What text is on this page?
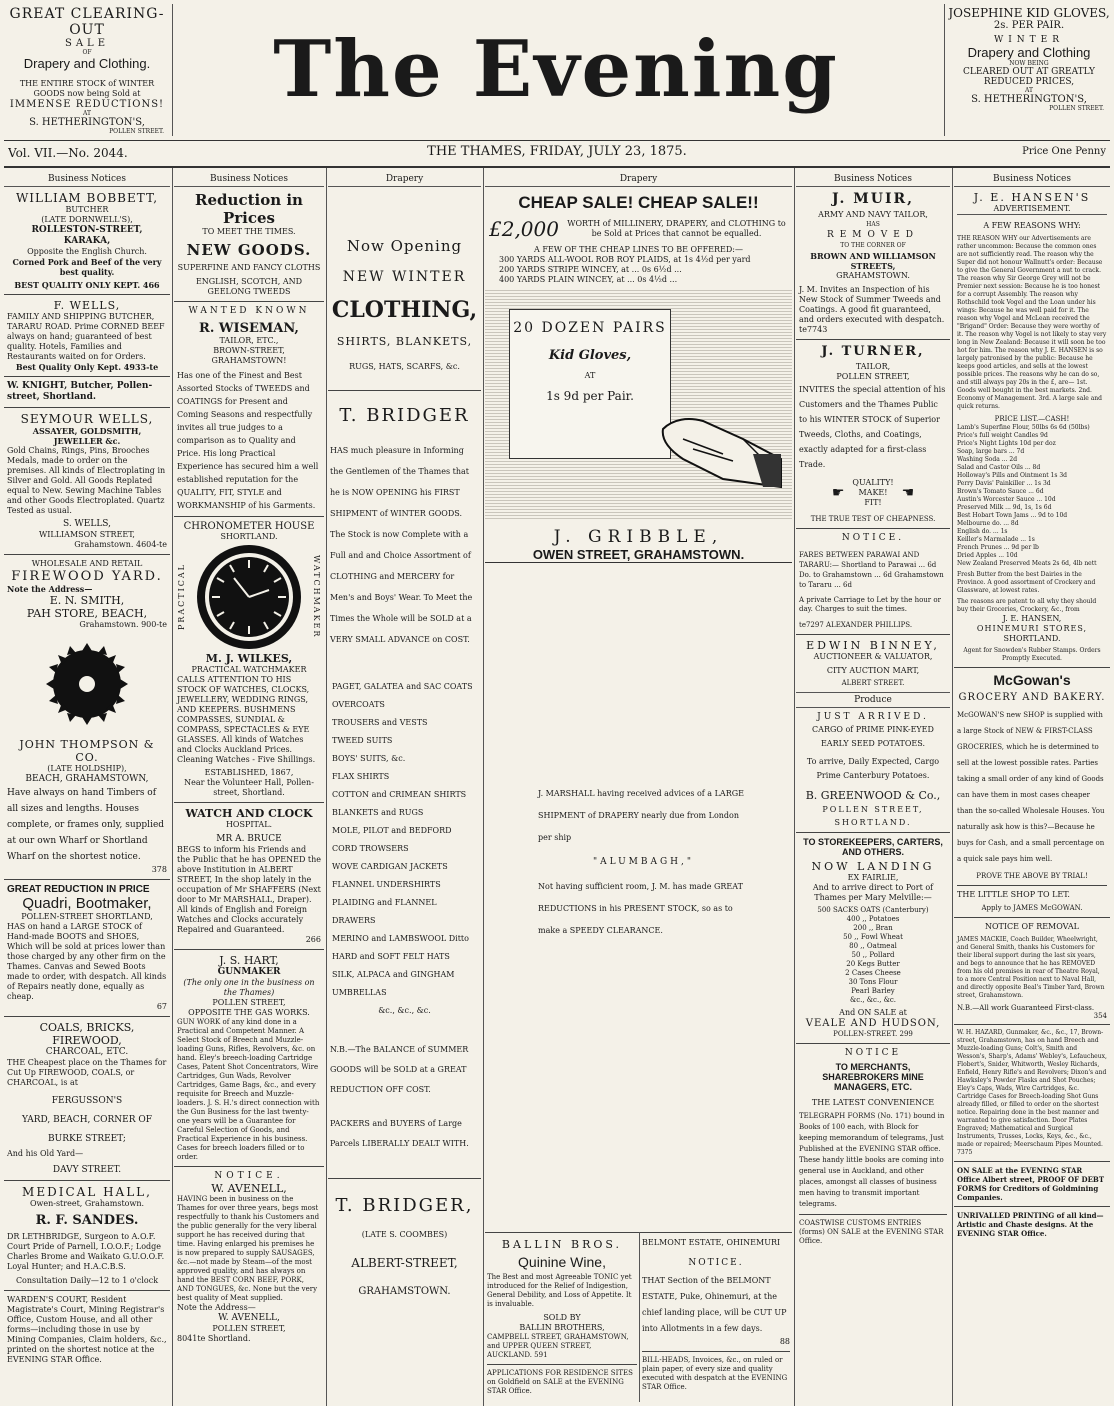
GREAT CLEARING-OUT
SALE
OF
Drapery and Clothing.
THE ENTIRE STOCK of WINTER GOODS now being Sold at
IMMENSE REDUCTIONS!
AT
S. HETHERINGTON'S,
POLLEN STREET.
The Evening
JOSEPHINE KID GLOVES,
2s. PER PAIR.
WINTER
Drapery and Clothing
NOW BEING
CLEARED OUT AT GREATLY REDUCED PRICES,
AT
S. HETHERINGTON'S,
POLLEN STREET.
Vol. VII.—No. 2044.	THE THAMES, FRIDAY, JULY 23, 1875.	Price One Penny
Business Notices
WILLIAM BOBBETT,
BUTCHER
(LATE DORNWELL'S),
ROLLESTON-STREET, KARAKA,
Opposite the English Church.
Corned Pork and Beef of the very best quality.
BEST QUALITY ONLY KEPT. 466
F. WELLS,
FAMILY AND SHIPPING BUTCHER, TARARU ROAD. Prime CORNED BEEF always on hand; guaranteed of best quality. Hotels, Families and Restaurants waited on for Orders.
Best Quality Only Kept. 4933-te
W. KNIGHT, Butcher, Pollen-street, Shortland.
SEYMOUR WELLS,
ASSAYER, GOLDSMITH, JEWELLER &c.
Gold Chains, Rings, Pins, Brooches Medals, made to order on the premises. All kinds of Electroplating in Silver and Gold. All Goods Replated equal to New. Sewing Machine Tables and other Goods Electroplated. Quartz Tested as usual.
S. WELLS,
WILLIAMSON STREET,
Grahamstown. 4604-te
WHOLESALE AND RETAIL
FIREWOOD YARD.
Note the Address—
E. N. SMITH,
PAH STORE, BEACH,
Grahamstown. 900-te
JOHN THOMPSON & CO.
(LATE HOLDSHIP),
BEACH, GRAHAMSTOWN,
Have always on hand Timbers of all sizes and lengths. Houses complete, or frames only, supplied at our own Wharf or Shortland Wharf on the shortest notice.
378
GREAT REDUCTION IN PRICE
Quadri, Bootmaker,
POLLEN-STREET SHORTLAND,
HAS on hand a LARGE STOCK of Hand-made BOOTS and SHOES, Which will be sold at prices lower than those charged by any other firm on the Thames. Canvas and Sewed Boots made to order, with despatch. All kinds of Repairs neatly done, equally as cheap.
67
COALS, BRICKS, FIREWOOD,
CHARCOAL, ETC.
THE Cheapest place on the Thames for Cut Up FIREWOOD, COALS, or CHARCOAL, is at
FERGUSSON'S
YARD, BEACH, CORNER OF
BURKE STREET;
And his Old Yard—
DAVY STREET.
MEDICAL HALL,
Owen-street, Grahamstown.
R. F. SANDES.
DR LETHBRIDGE, Surgeon to A.O.F. Court Pride of Parnell, I.O.O.F.; Lodge Charles Brome and Waikato G.U.O.O.F. Loyal Hunter; and H.A.C.B.S.
Consultation Daily—12 to 1 o'clock
WARDEN'S COURT, Resident Magistrate's Court, Mining Registrar's Office, Custom House, and all other forms—including those in use by Mining Companies, Claim holders, &c., printed on the shortest notice at the EVENING STAR Office.
Business Notices
Reduction in Prices
TO MEET THE TIMES.
NEW GOODS.
SUPERFINE AND FANCY CLOTHS
ENGLISH, SCOTCH, AND GEELONG TWEEDS
WANTED KNOWN
R. WISEMAN,
TAILOR, ETC.,
BROWN-STREET, GRAHAMSTOWN!
Has one of the Finest and Best Assorted Stocks of TWEEDS and COATINGS for Present and Coming Seasons and respectfully invites all true judges to a comparison as to Quality and Price. His long Practical Experience has secured him a well established reputation for the QUALITY, FIT, STYLE and WORKMANSHIP of his Garments.
CHRONOMETER HOUSE
SHORTLAND.
PRACTICAL	WATCHMAKER
M. J. WILKES,
PRACTICAL WATCHMAKER
CALLS ATTENTION TO HIS STOCK OF WATCHES, CLOCKS, JEWELLERY, WEDDING RINGS, AND KEEPERS. BUSHMENS COMPASSES, SUNDIAL & COMPASS, SPECTACLES & EYE GLASSES. All kinds of Watches and Clocks Auckland Prices. Cleaning Watches - Five Shillings.
ESTABLISHED, 1867,
Near the Volunteer Hall, Pollen-street, Shortland.
WATCH AND CLOCK
HOSPITAL.
MR A. BRUCE
BEGS to inform his Friends and the Public that he has OPENED the above Institution in ALBERT STREET, In the shop lately in the occupation of Mr SHAFFERS (Next door to Mr MARSHALL, Draper). All kinds of English and Foreign Watches and Clocks accurately Repaired and Guaranteed.
266
J. S. HART,
GUNMAKER
(The only one in the business on the Thames)
POLLEN STREET,
OPPOSITE THE GAS WORKS.
GUN WORK of any kind done in a Practical and Competent Manner. A Select Stock of Breech and Muzzle-loading Guns, Rifles, Revolvers, &c. on hand. Eley's breech-loading Cartridge Cases, Patent Shot Concentrators, Wire Cartridges, Gun Wads, Revolver Cartridges, Game Bags, &c., and every requisite for Breech and Muzzle-loaders. J. S. H.'s direct connection with the Gun Business for the last twenty-one years will be a Guarantee for Careful Selection of Goods, and Practical Experience in his business. Cases for breech loaders filled or to order.
NOTICE.
W. AVENELL,
HAVING been in business on the Thames for over three years, begs most respectfully to thank his Customers and the public generally for the very liberal support he has received during that time. Having enlarged his premises he is now prepared to supply SAUSAGES, &c.—not made by Steam—of the most approved quality, and has always on hand the BEST CORN BEEF, PORK, AND TONGUES, &c. None but the very best quality of Meat supplied.
Note the Address—
W. AVENELL,
POLLEN STREET,
8041te Shortland.
Drapery
Now Opening
NEW WINTER
CLOTHING,
SHIRTS, BLANKETS,
RUGS, HATS, SCARFS, &c.
T. BRIDGER
HAS much pleasure in Informing the Gentlemen of the Thames that he is NOW OPENING his FIRST SHIPMENT of WINTER GOODS. The Stock is now Complete with a Full and and Choice Assortment of CLOTHING and MERCERY for Men's and Boys' Wear. To Meet the Times the Whole will be SOLD at a VERY SMALL ADVANCE on COST.
PAGET, GALATEA and SAC COATS
OVERCOATS
TROUSERS and VESTS
TWEED SUITS
BOYS' SUITS, &c.
FLAX SHIRTS
COTTON and CRIMEAN SHIRTS
BLANKETS and RUGS
MOLE, PILOT and BEDFORD CORD TROWSERS
WOVE CARDIGAN JACKETS
FLANNEL UNDERSHIRTS
PLAIDING and FLANNEL DRAWERS
MERINO and LAMBSWOOL Ditto
HARD and SOFT FELT HATS
SILK, ALPACA and GINGHAM UMBRELLAS
&c., &c., &c.
N.B.—The BALANCE of SUMMER GOODS will be SOLD at a GREAT REDUCTION OFF COST.
PACKERS and BUYERS of Large Parcels LIBERALLY DEALT WITH.
T. BRIDGER,
(LATE S. COOMBES)
ALBERT-STREET,
GRAHAMSTOWN.
Drapery
CHEAP SALE! CHEAP SALE!!
£2,000 WORTH of MILLINERY, DRAPERY, and CLOTHING to be Sold at Prices that cannot be equalled.
A FEW OF THE CHEAP LINES TO BE OFFERED:—
300 YARDS ALL-WOOL ROB ROY PLAIDS, at 1s 4½d per yard
200 YARDS STRIPE WINCEY, at ... 0s 6½d ...
400 YARDS PLAIN WINCEY, at ... 0s 4½d ...
20 DOZEN PAIRS
Kid Gloves,
AT
1s 9d per Pair.
J. GRIBBLE,
OWEN STREET, GRAHAMSTOWN.
J. MARSHALL having received advices of a LARGE SHIPMENT of DRAPERY nearly due from London per ship
"ALUMBAGH,"
Not having sufficient room, J. M. has made GREAT REDUCTIONS in his PRESENT STOCK, so as to make a SPEEDY CLEARANCE.
BALLIN BROS.
Quinine Wine,
The Best and most Agreeable TONIC yet introduced for the Relief of Indigestion, General Debility, and Loss of Appetite. It is invaluable.
SOLD BY
BALLIN BROTHERS,
CAMPBELL STREET, GRAHAMSTOWN, and UPPER QUEEN STREET, AUCKLAND. 591
APPLICATIONS FOR RESIDENCE SITES on Goldfield on SALE at the EVENING STAR Office.
BELMONT ESTATE, OHINEMURI
NOTICE.
THAT Section of the BELMONT ESTATE, Puke, Ohinemuri, at the chief landing place, will be CUT UP into Allotments in a few days.
88
BILL-HEADS, Invoices, &c., on ruled or plain paper, of every size and quality executed with despatch at the EVENING STAR Office.
Business Notices
J. MUIR,
ARMY AND NAVY TAILOR,
HAS
REMOVED
TO THE CORNER OF
BROWN AND WILLIAMSON STREETS,
GRAHAMSTOWN.
J. M. Invites an Inspection of his New Stock of Summer Tweeds and Coatings. A good fit guaranteed, and orders executed with despatch. te7743
J. TURNER,
TAILOR,
POLLEN STREET,
INVITES the special attention of his Customers and the Thames Public to his WINTER STOCK of Superior Tweeds, Cloths, and Coatings, exactly adapted for a first-class Trade.
☛
QUALITY!
MAKE!
FIT!
☚
THE TRUE TEST OF CHEAPNESS.
NOTICE.
FARES BETWEEN PARAWAI AND TARARU:— Shortland to Parawai ... 6d Do. to Grahamstown ... 6d Grahamstown to Tararu ... 6d
A private Carriage to Let by the hour or day. Charges to suit the times.
te7297 ALEXANDER PHILLIPS.
EDWIN BINNEY,
AUCTIONEER & VALUATOR,
CITY AUCTION MART,
ALBERT STREET.
Produce
JUST ARRIVED.
CARGO of PRIME PINK-EYED EARLY SEED POTATOES.
To arrive, Daily Expected, Cargo Prime Canterbury Potatoes.
B. GREENWOOD & Co.,
POLLEN STREET,
SHORTLAND.
TO STOREKEEPERS, CARTERS, AND OTHERS.
NOW LANDING
EX FAIRLIE,
And to arrive direct to Port of Thames per Mary Melville:—
500 SACKS OATS (Canterbury)
400 ,, Potatoes
200 ,, Bran
50 ,, Fowl Wheat
80 ,, Oatmeal
50 ,, Pollard
20 Kegs Butter
2 Cases Cheese
30 Tons Flour
Pearl Barley
&c., &c., &c.
And ON SALE at
VEALE AND HUDSON,
POLLEN-STREET. 299
NOTICE
TO MERCHANTS, SHAREBROKERS MINE MANAGERS, ETC.
THE LATEST CONVENIENCE
TELEGRAPH FORMS (No. 171) bound in Books of 100 each, with Block for keeping memorandum of telegrams, Just Published at the EVENING STAR office. These handy little books are coming into general use in Auckland, and other places, amongst all classes of business men having to transmit important telegrams.
COASTWISE CUSTOMS ENTRIES (forms) ON SALE at the EVENING STAR Office.
Business Notices
J. E. HANSEN'S
ADVERTISEMENT.
A FEW REASONS WHY:
THE REASON WHY our Advertisements are rather uncommon: Because the common ones are not sufficiently read. The reason why the Super did not honour Wallnutt's order: Because to give the General Government a nut to crack. The reason why Sir George Grey will not be Premier next session: Because he is too honest for a corrupt Assembly. The reason why Rothschild took Vogel and the Loan under his wings: Because he was well paid for it. The reason why Vogel and McLean received the "Brigand" Order: Because they were worthy of it. The reason why Vogel is not likely to stay very long in New Zealand: Because it will soon be too hot for him. The reason why J. E. HANSEN is so largely patronised by the public: Because he keeps good articles, and sells at the lowest possible prices. The reasons why he can do so, and still always pay 20s in the £, are— 1st. Goods well bought in the best markets. 2nd. Economy of Management. 3rd. A large sale and quick returns.
PRICE LIST.—CASH!
Lamb's Superfine Flour, 50lbs 6s 6d (50lbs)
Price's full weight Candles 9d
Price's Night Lights 10d per doz
Soap, large bars ... 7d
Washing Soda ... 2d
Salad and Castor Oils ... 8d
Holloway's Pills and Ointment 1s 3d
Perry Davis' Painkiller ... 1s 3d
Brown's Tomato Sauce ... 6d
Austin's Worcester Sauce ... 10d
Preserved Milk ... 9d, 1s, 1s 6d
Best Hobart Town Jams ... 9d to 10d
Melbourne do. ... 8d
English do. ... 1s
Keiller's Marmalade ... 1s
French Prunes ... 9d per lb
Dried Apples ... 10d
New Zealand Preserved Meats 2s 6d, 4lb nett
Fresh Butter from the best Dairies in the Province. A good assortment of Crockery and Glassware, at lowest rates.
The reasons are patent to all why they should buy their Groceries, Crockery, &c., from
J. E. HANSEN,
OHINEMURI STORES,
SHORTLAND.
Agent for Snowden's Rubber Stamps. Orders Promptly Executed.
McGowan's
GROCERY AND BAKERY.
McGOWAN'S new SHOP is supplied with a large Stock of NEW & FIRST-CLASS GROCERIES, which he is determined to sell at the lowest possible rates. Parties taking a small order of any kind of Goods can have them in most cases cheaper than the so-called Wholesale Houses. You naturally ask how is this?—Because he buys for Cash, and a small percentage on a quick sale pays him well.
PROVE THE ABOVE BY TRIAL!
THE LITTLE SHOP TO LET.
Apply to JAMES McGOWAN.
NOTICE OF REMOVAL
JAMES MACKIE, Coach Builder, Wheelwright, and General Smith, thanks his Customers for their liberal support during the last six years, and begs to announce that he has REMOVED from his old premises in rear of Theatre Royal, to a more Central Position next to Naval Hall, and directly opposite Beal's Timber Yard, Brown street, Grahamstown.
N.B.—All work Guaranteed First-class.
354
W. H. HAZARD, Gunmaker, &c., &c., 17, Brown-street, Grahamstown, has on hand Breech and Muzzle-loading Guns; Colt's, Smith and Wesson's, Sharp's, Adams' Webley's, Lefaucheux, Flobert's, Snider, Whitworth, Wesley Richards, Enfield, Henry Rifle's and Revolvers; Dixon's and Hawksley's Powder Flasks and Shot Pouches; Eley's Caps, Wads, Wire Cartridges, &c. Cartridge Cases for Breech-loading Shot Guns already filled, or filled to order on the shortest notice. Repairing done in the best manner and warranted to give satisfaction. Door Plates Engraved; Mathematical and Surgical Instruments, Trusses, Locks, Keys, &c., &c., made or repaired; Meerschaum Pipes Mounted. 7375
ON SALE at the EVENING STAR Office Albert street, PROOF OF DEBT FORMS for Creditors of Goldmining Companies.
UNRIVALLED PRINTING of all kind—Artistic and Chaste designs. At the EVENING STAR Office.
